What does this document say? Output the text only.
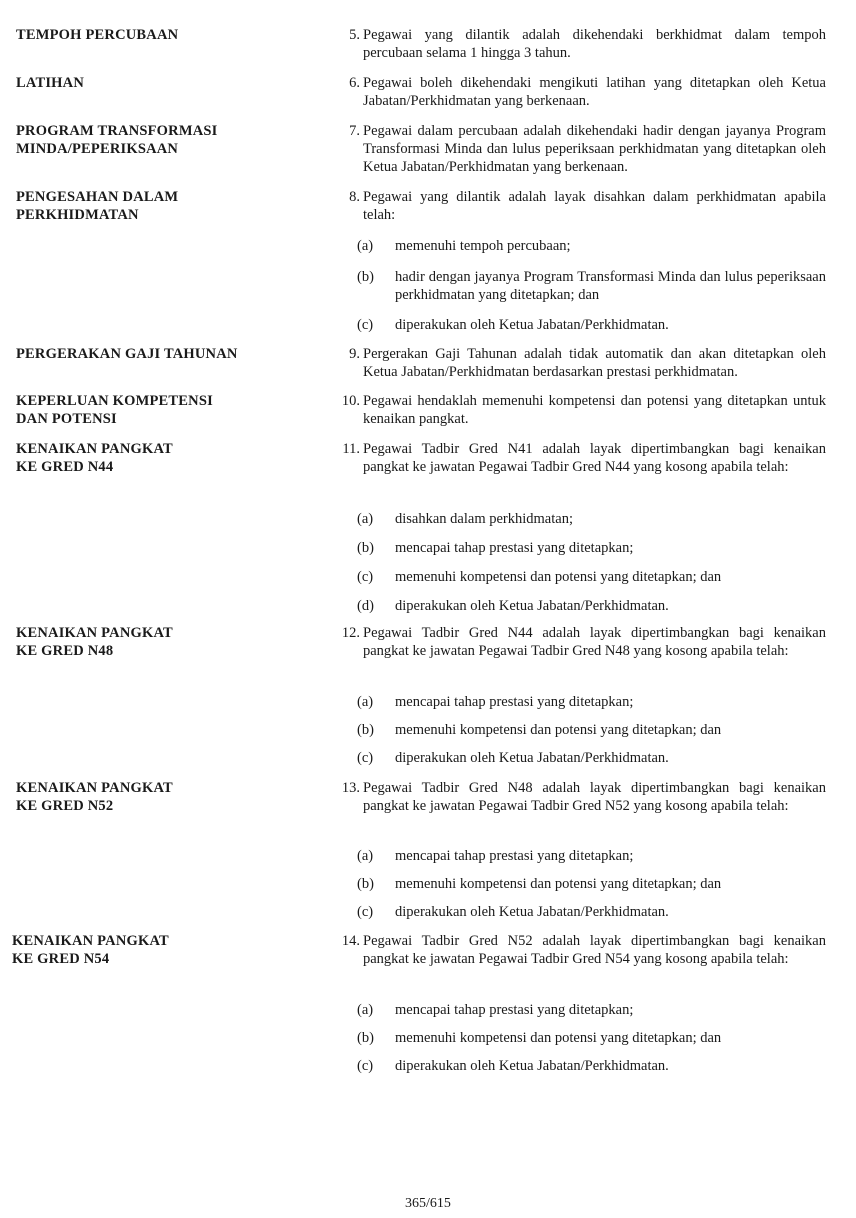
TEMPOH PERCUBAAN	5. Pegawai yang dilantik adalah dikehendaki berkhidmat dalam tempoh percubaan selama 1 hingga 3 tahun.
LATIHAN	6. Pegawai boleh dikehendaki mengikuti latihan yang ditetapkan oleh Ketua Jabatan/Perkhidmatan yang berkenaan.
PROGRAM TRANSFORMASI
MINDA/PEPERIKSAAN
7. Pegawai dalam percubaan adalah dikehendaki hadir dengan jayanya Program Transformasi Minda dan lulus peperiksaan perkhidmatan yang ditetapkan oleh Ketua Jabatan/Perkhidmatan yang berkenaan.
PENGESAHAN DALAM
PERKHIDMATAN
8. Pegawai yang dilantik adalah layak disahkan dalam perkhidmatan apabila telah:
(a)	memenuhi tempoh percubaan;
(b)	hadir dengan jayanya Program Transformasi Minda dan lulus peperiksaan perkhidmatan yang ditetapkan; dan
(c)	diperakukan oleh Ketua Jabatan/Perkhidmatan.
PERGERAKAN GAJI TAHUNAN	9. Pergerakan Gaji Tahunan adalah tidak automatik dan akan ditetapkan oleh Ketua Jabatan/Perkhidmatan berdasarkan prestasi perkhidmatan.
KEPERLUAN KOMPETENSI
DAN POTENSI
10. Pegawai hendaklah memenuhi kompetensi dan potensi yang ditetapkan untuk kenaikan pangkat.
KENAIKAN PANGKAT
KE GRED N44
11. Pegawai Tadbir Gred N41 adalah layak dipertimbangkan bagi kenaikan pangkat ke jawatan Pegawai Tadbir Gred N44 yang kosong apabila telah:
(a)	disahkan dalam perkhidmatan;
(b)	mencapai tahap prestasi yang ditetapkan;
(c)	memenuhi kompetensi dan potensi yang ditetapkan; dan
(d)	diperakukan oleh Ketua Jabatan/Perkhidmatan.
KENAIKAN PANGKAT
KE GRED N48
12. Pegawai Tadbir Gred N44 adalah layak dipertimbangkan bagi kenaikan pangkat ke jawatan Pegawai Tadbir Gred N48 yang kosong apabila telah:
(a)	mencapai tahap prestasi yang ditetapkan;
(b)	memenuhi kompetensi dan potensi yang ditetapkan; dan
(c)	diperakukan oleh Ketua Jabatan/Perkhidmatan.
KENAIKAN PANGKAT
KE GRED N52
13. Pegawai Tadbir Gred N48 adalah layak dipertimbangkan bagi kenaikan pangkat ke jawatan Pegawai Tadbir Gred N52 yang kosong apabila telah:
(a)	mencapai tahap prestasi yang ditetapkan;
(b)	memenuhi kompetensi dan potensi yang ditetapkan; dan
(c)	diperakukan oleh Ketua Jabatan/Perkhidmatan.
KENAIKAN PANGKAT
KE GRED N54
14. Pegawai Tadbir Gred N52 adalah layak dipertimbangkan bagi kenaikan pangkat ke jawatan Pegawai Tadbir Gred N54 yang kosong apabila telah:
(a)	mencapai tahap prestasi yang ditetapkan;
(b)	memenuhi kompetensi dan potensi yang ditetapkan; dan
(c)	diperakukan oleh Ketua Jabatan/Perkhidmatan.
365/615
